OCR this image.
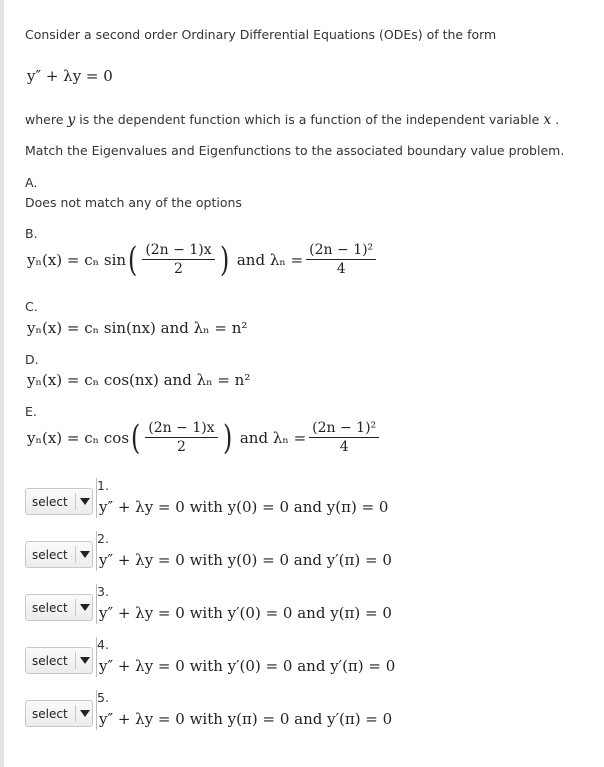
Consider a second order Ordinary Differential Equations (ODEs) of the form
y″ + λy = 0
where y is the dependent function which is a function of the independent variable x .
Match the Eigenvalues and Eigenfunctions to the associated boundary value problem.
A.
Does not match any of the options
B.
yₙ(x) = cₙ sin ( $\frac{(2n - 1)x}{2}$ ) and $\lambda_n = \frac{\text{(2n − 1)²}}{4}$
C.
yₙ(x) = cₙ sin(nx) and λₙ = n²
D.
yₙ(x) = cₙ cos(nx) and λₙ = n²
E.
yₙ(x) = cₙ cos ( $\frac{(2n - 1)x}{2}$ ) and $\lambda_n = \frac{\text{(2n − 1)²}}{4}$
select
1.
y″ + λy = 0 with y(0) = 0 and y(π) = 0
select
2.
y″ + λy = 0 with y(0) = 0 and y′(π) = 0
select
3.
y″ + λy = 0 with y′(0) = 0 and y(π) = 0
select
4.
y″ + λy = 0 with y′(0) = 0 and y′(π) = 0
select
5.
y″ + λy = 0 with y(π) = 0 and y′(π) = 0
